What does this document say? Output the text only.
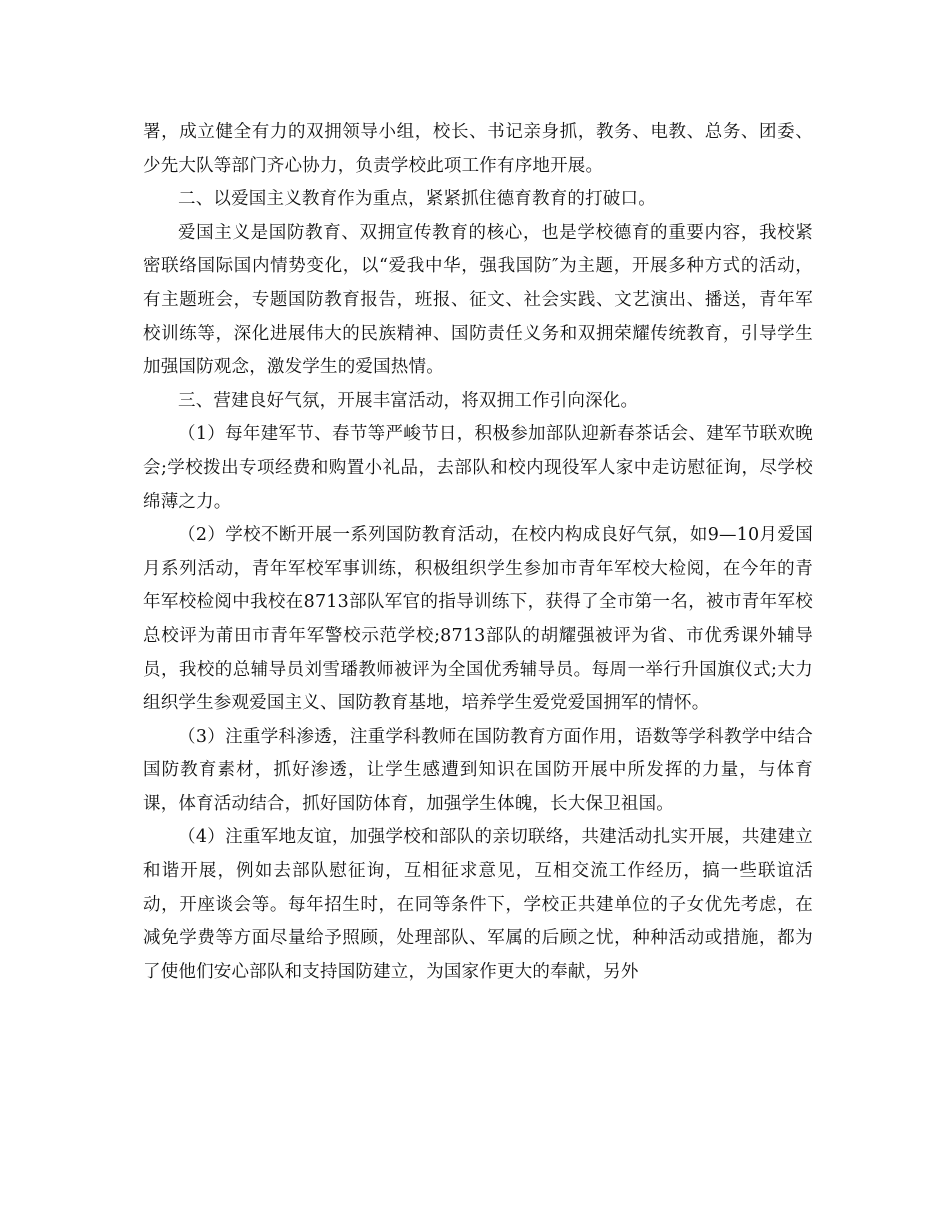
署，成立健全有力的双拥领导小组，校长、书记亲身抓，教务、电教、总务、团委、少先大队等部门齐心协力，负责学校此项工作有序地开展。

二、以爱国主义教育作为重点，紧紧抓住德育教育的打破口。

爱国主义是国防教育、双拥宣传教育的核心，也是学校德育的重要内容，我校紧密联络国际国内情势变化，以“爱我中华，强我国防″为主题，开展多种方式的活动，有主题班会，专题国防教育报告，班报、征文、社会实践、文艺演出、播送，青年军校训练等，深化进展伟大的民族精神、国防责任义务和双拥荣耀传统教育，引导学生加强国防观念，激发学生的爱国热情。

三、营建良好气氛，开展丰富活动，将双拥工作引向深化。

（1）每年建军节、春节等严峻节日，积极参加部队迎新春茶话会、建军节联欢晚会;学校拨出专项经费和购置小礼品，去部队和校内现役军人家中走访慰征询，尽学校绵薄之力。

（2）学校不断开展一系列国防教育活动，在校内构成良好气氛，如9—10月爱国月系列活动，青年军校军事训练，积极组织学生参加市青年军校大检阅，在今年的青年军校检阅中我校在8713部队军官的指导训练下，获得了全市第一名，被市青年军校总校评为莆田市青年军警校示范学校;8713部队的胡耀强被评为省、市优秀课外辅导员，我校的总辅导员刘雪璠教师被评为全国优秀辅导员。每周一举行升国旗仪式;大力组织学生参观爱国主义、国防教育基地，培养学生爱党爱国拥军的情怀。

（3）注重学科渗透，注重学科教师在国防教育方面作用，语数等学科教学中结合国防教育素材，抓好渗透，让学生感遭到知识在国防开展中所发挥的力量，与体育课，体育活动结合，抓好国防体育，加强学生体魄，长大保卫祖国。

（4）注重军地友谊，加强学校和部队的亲切联络，共建活动扎实开展，共建建立和谐开展，例如去部队慰征询，互相征求意见，互相交流工作经历，搞一些联谊活动，开座谈会等。每年招生时，在同等条件下，学校正共建单位的子女优先考虑，在减免学费等方面尽量给予照顾，处理部队、军属的后顾之忧，种种活动或措施，都为了使他们安心部队和支持国防建立，为国家作更大的奉献，另外
